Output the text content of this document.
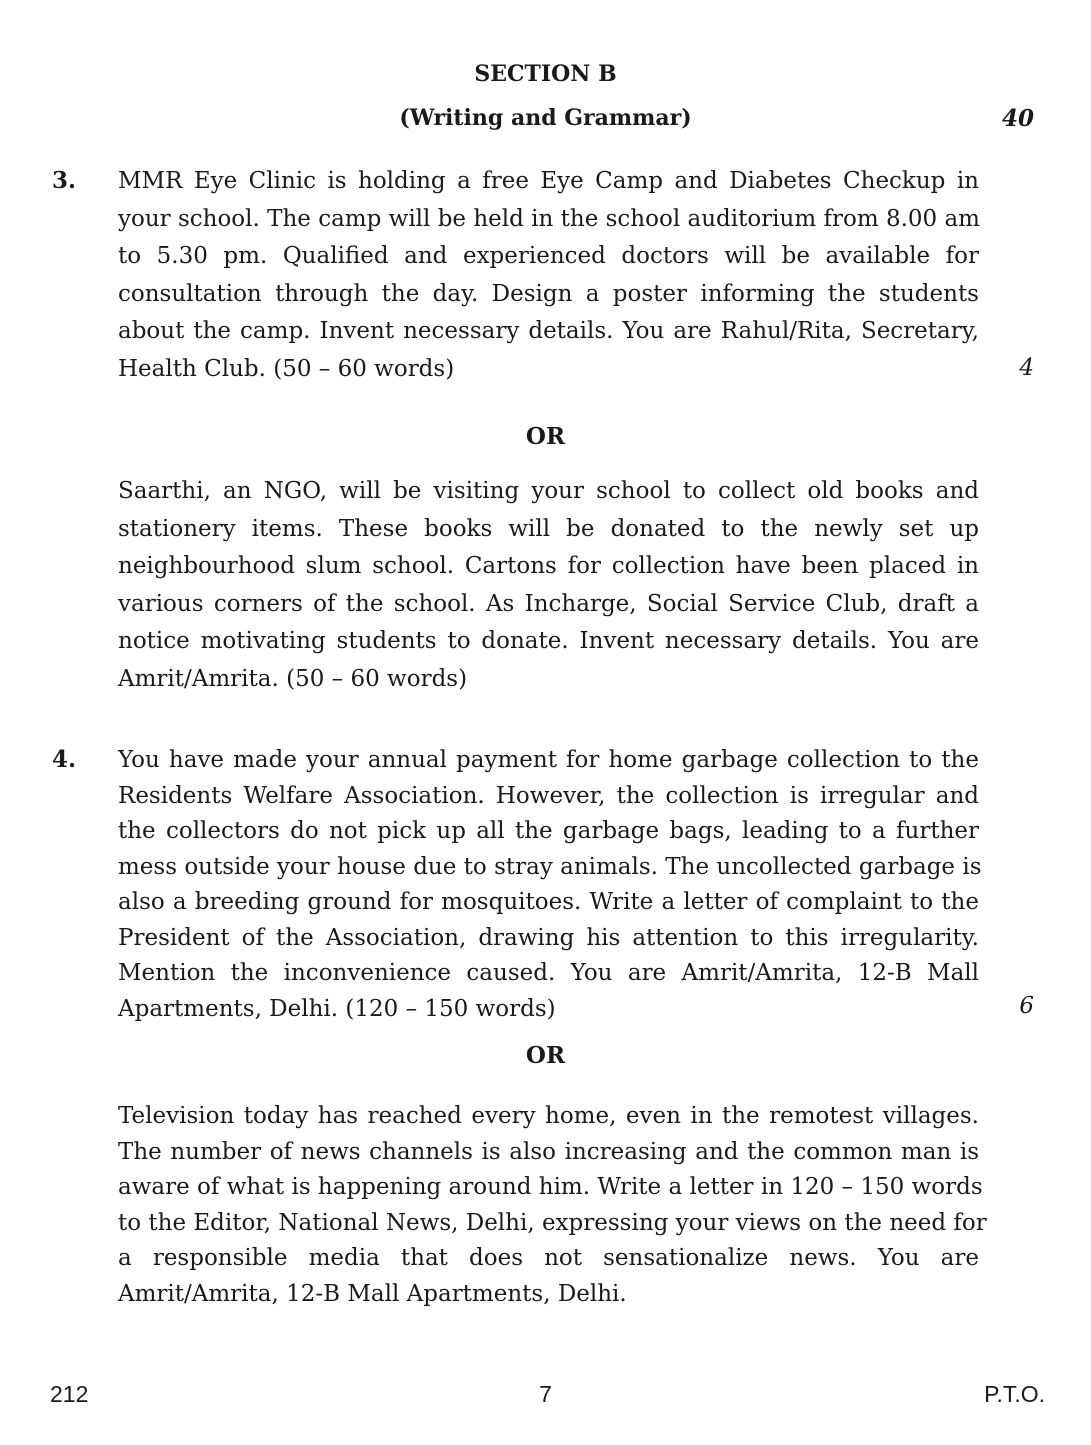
SECTION B
(Writing and Grammar)	40
3. MMR Eye Clinic is holding a free Eye Camp and Diabetes Checkup in
your school. The camp will be held in the school auditorium from 8.00 am
to 5.30 pm. Qualified and experienced doctors will be available for
consultation through the day. Design a poster informing the students
about the camp. Invent necessary details. You are Rahul/Rita, Secretary,
Health Club. (50 – 60 words)	4
OR
Saarthi, an NGO, will be visiting your school to collect old books and
stationery items. These books will be donated to the newly set up
neighbourhood slum school. Cartons for collection have been placed in
various corners of the school. As Incharge, Social Service Club, draft a
notice motivating students to donate. Invent necessary details. You are
Amrit/Amrita. (50 – 60 words)
4. You have made your annual payment for home garbage collection to the
Residents Welfare Association. However, the collection is irregular and
the collectors do not pick up all the garbage bags, leading to a further
mess outside your house due to stray animals. The uncollected garbage is
also a breeding ground for mosquitoes. Write a letter of complaint to the
President of the Association, drawing his attention to this irregularity.
Mention the inconvenience caused. You are Amrit/Amrita, 12-B Mall
Apartments, Delhi. (120 – 150 words)	6
OR
Television today has reached every home, even in the remotest villages.
The number of news channels is also increasing and the common man is
aware of what is happening around him. Write a letter in 120 – 150 words
to the Editor, National News, Delhi, expressing your views on the need for
a responsible media that does not sensationalize news. You are
Amrit/Amrita, 12-B Mall Apartments, Delhi.
212	7	P.T.O.
